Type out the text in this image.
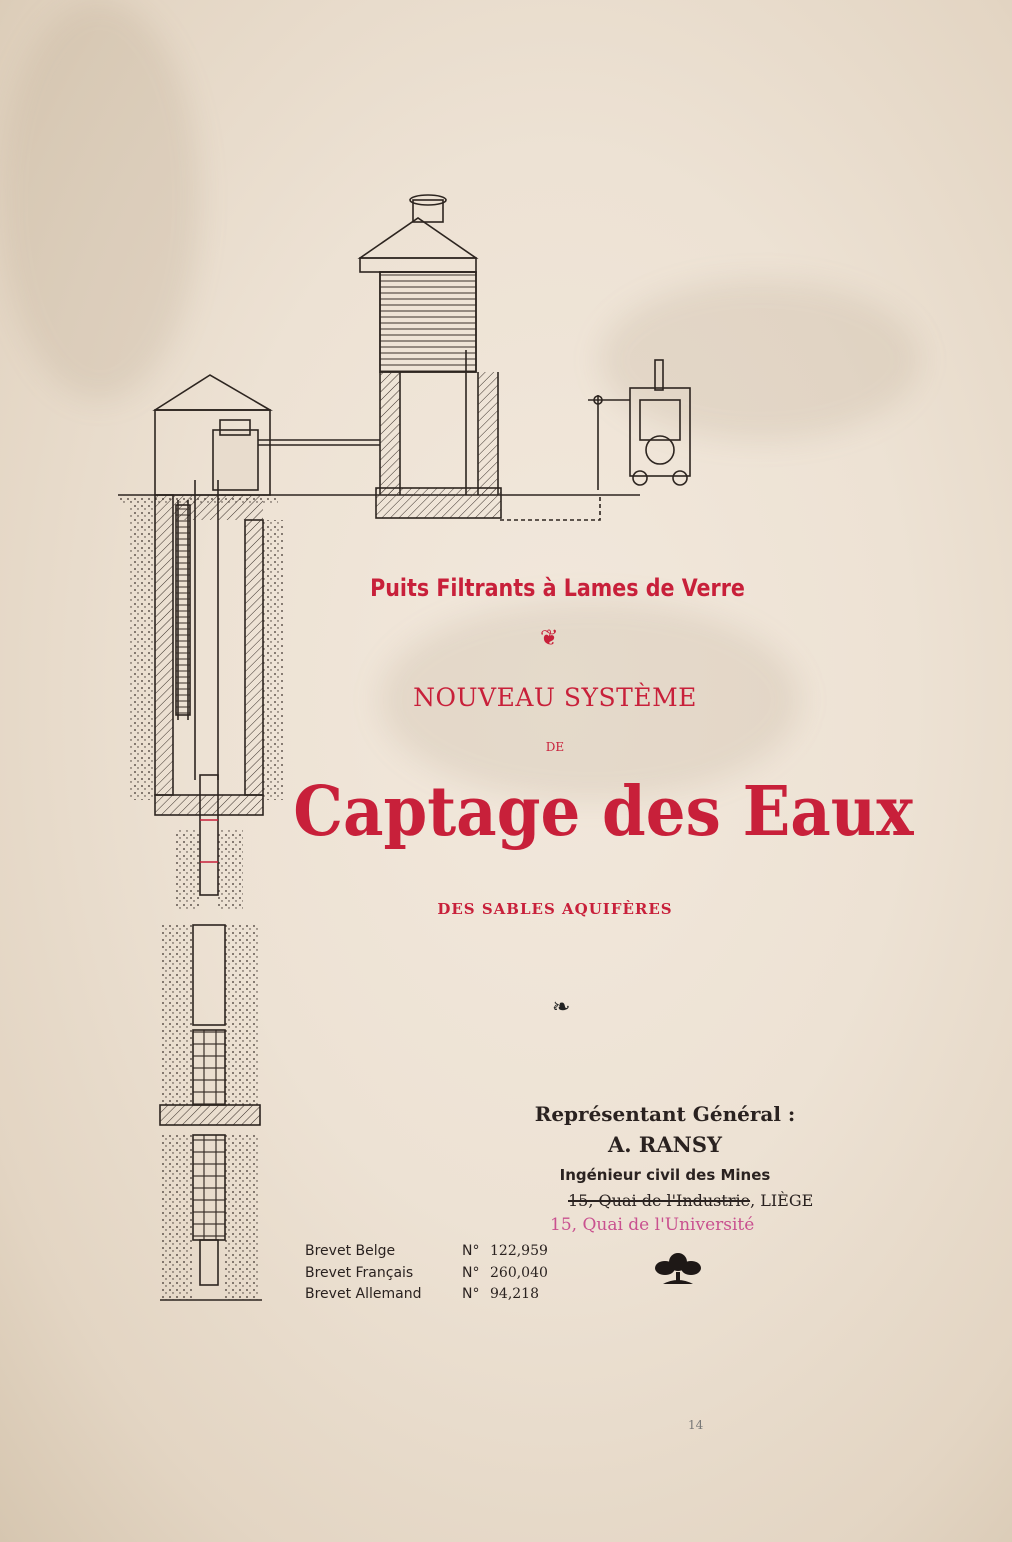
Puits Filtrants à Lames de Verre
❦
NOUVEAU SYSTÈME
DE
Captage des Eaux
DES SABLES AQUIFÈRES
❧
Représentant Général :
A. RANSY
Ingénieur civil des Mines
15, Quai de l'Industrie, LIÈGE
15, Quai de l'Université
Brevet Belge	N° 122,959
Brevet Français	N° 260,040
Brevet Allemand	N° 94,218
14
